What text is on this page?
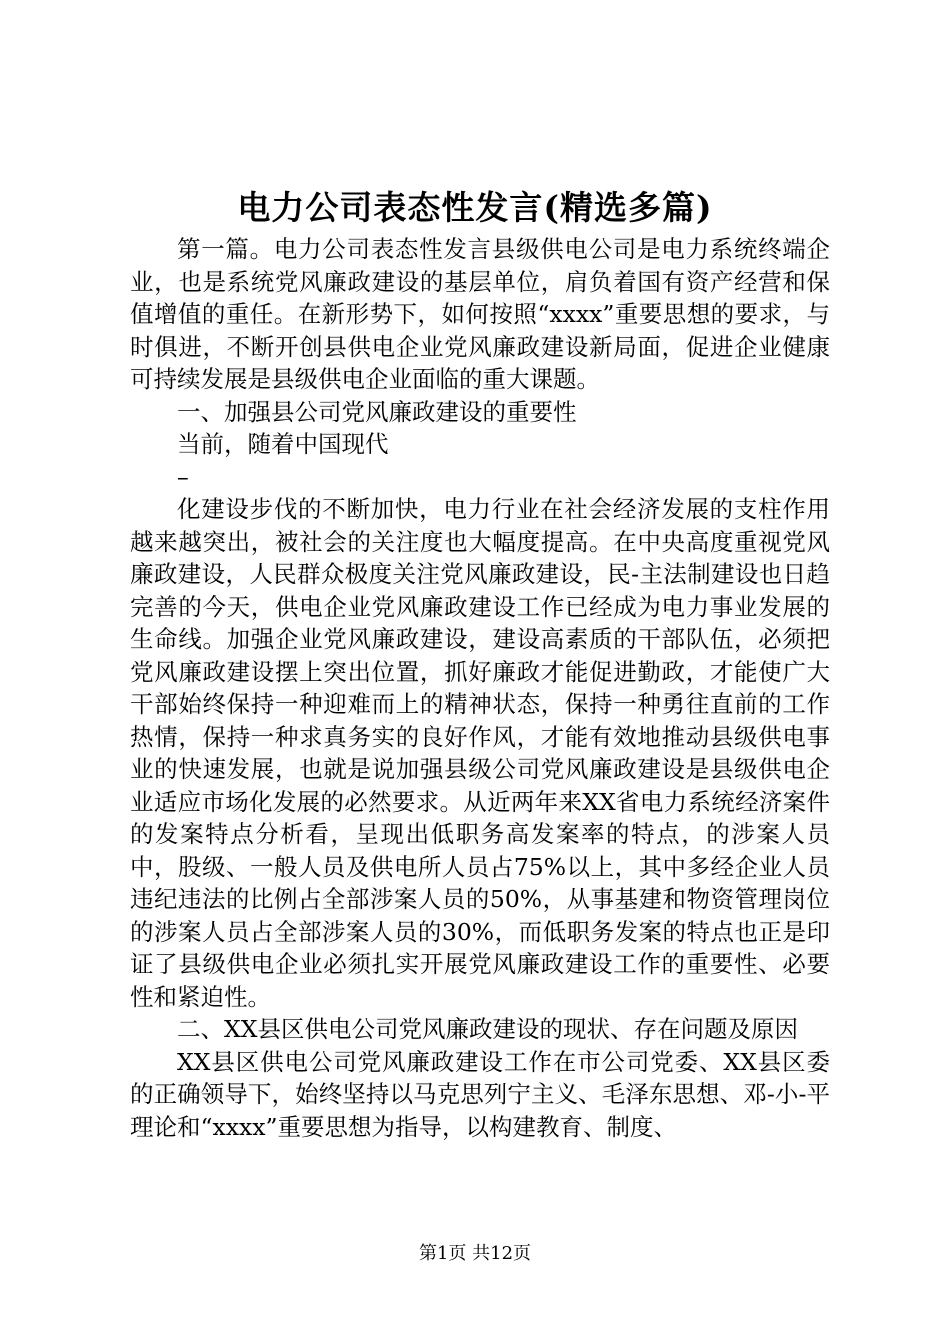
电力公司表态性发言(精选多篇)

第一篇。电力公司表态性发言县级供电公司是电力系统终端企业，也是系统党风廉政建设的基层单位，肩负着国有资产经营和保值增值的重任。在新形势下，如何按照“xxxx”重要思想的要求，与时俱进，不断开创县供电企业党风廉政建设新局面，促进企业健康可持续发展是县级供电企业面临的重大课题。

一、加强县公司党风廉政建设的重要性

当前，随着中国现代

–

化建设步伐的不断加快，电力行业在社会经济发展的支柱作用越来越突出，被社会的关注度也大幅度提高。在中央高度重视党风廉政建设，人民群众极度关注党风廉政建设，民-主法制建设也日趋完善的今天，供电企业党风廉政建设工作已经成为电力事业发展的生命线。加强企业党风廉政建设，建设高素质的干部队伍，必须把党风廉政建设摆上突出位置，抓好廉政才能促进勤政，才能使广大干部始终保持一种迎难而上的精神状态，保持一种勇往直前的工作热情，保持一种求真务实的良好作风，才能有效地推动县级供电事业的快速发展，也就是说加强县级公司党风廉政建设是县级供电企业适应市场化发展的必然要求。从近两年来XX省电力系统经济案件的发案特点分析看，呈现出低职务高发案率的特点，的涉案人员中，股级、一般人员及供电所人员占75%以上，其中多经企业人员违纪违法的比例占全部涉案人员的50%，从事基建和物资管理岗位的涉案人员占全部涉案人员的30%，而低职务发案的特点也正是印证了县级供电企业必须扎实开展党风廉政建设工作的重要性、必要性和紧迫性。

二、XX县区供电公司党风廉政建设的现状、存在问题及原因

XX县区供电公司党风廉政建设工作在市公司党委、XX县区委的正确领导下，始终坚持以马克思列宁主义、毛泽东思想、邓-小-平理论和“xxxx”重要思想为指导，以构建教育、制度、

第1页 共12页
